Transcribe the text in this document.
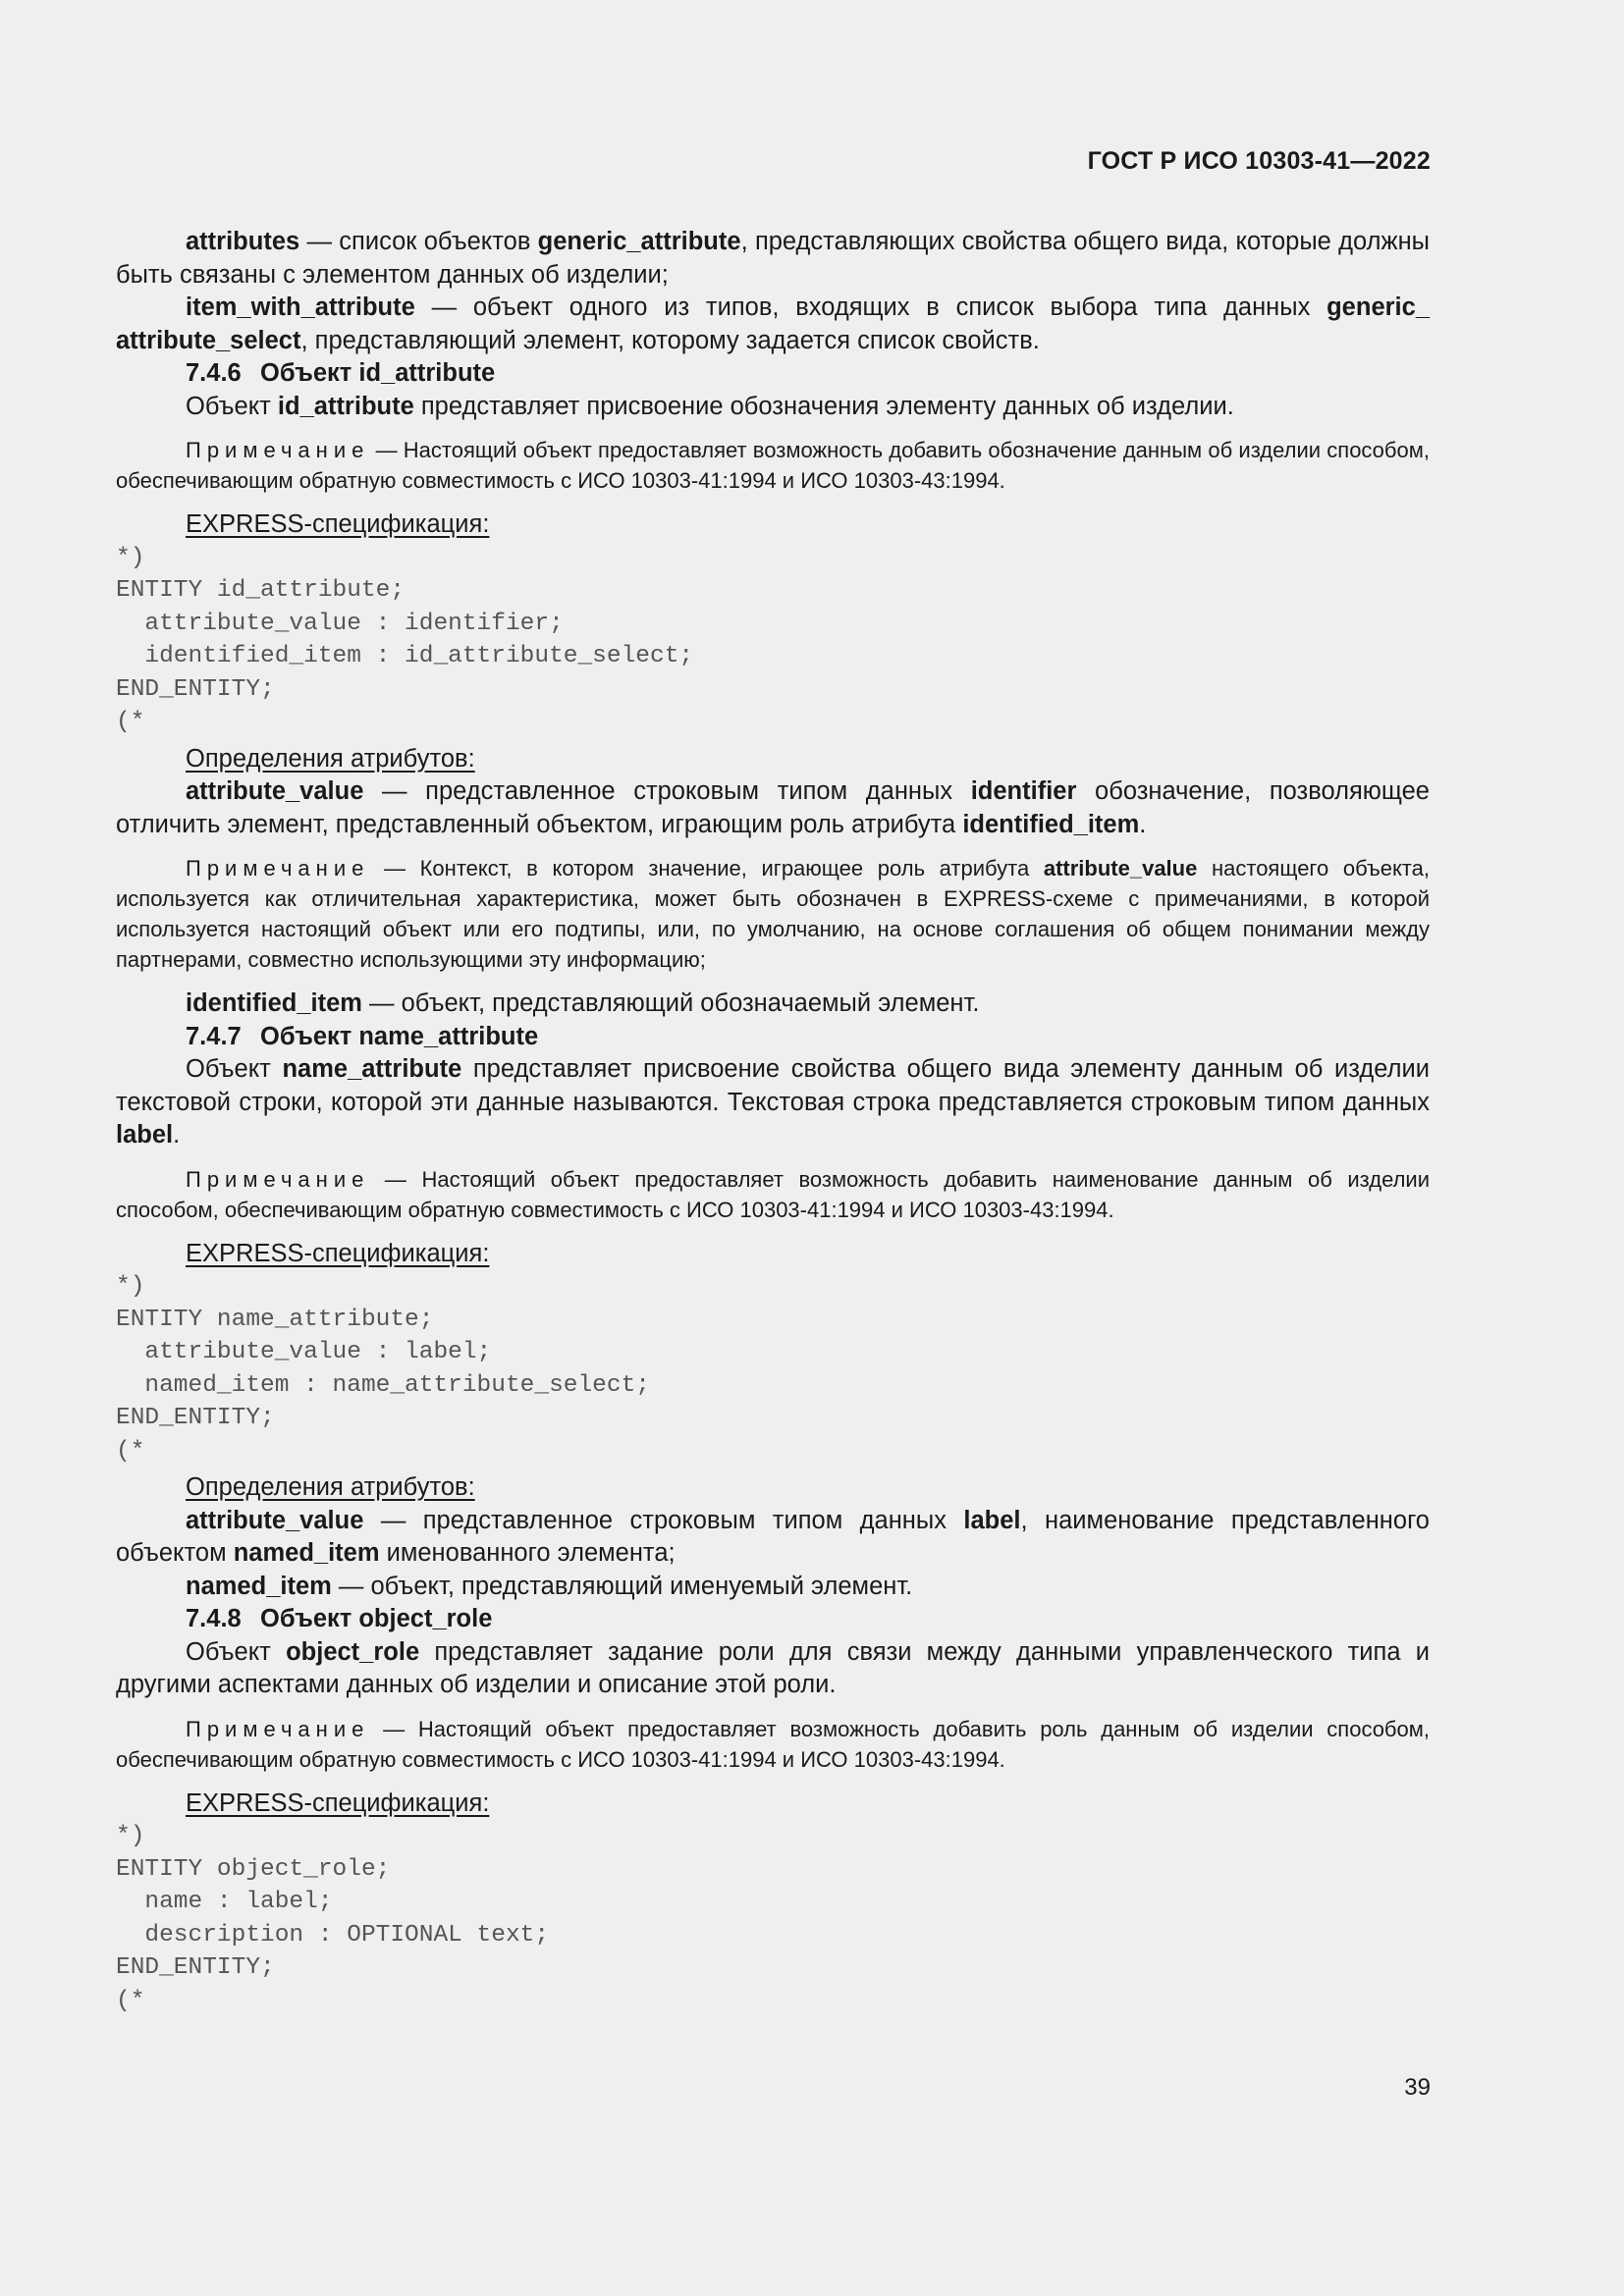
ГОСТ Р ИСО 10303-41—2022

attributes — список объектов generic_attribute, представляющих свойства общего вида, которые должны быть связаны с элементом данных об изделии;

item_with_attribute — объект одного из типов, входящих в список выбора типа данных generic_ attribute_select, представляющий элемент, которому задается список свойств.

7.4.6 Объект id_attribute

Объект id_attribute представляет присвоение обозначения элементу данных об изделии.

Примечание — Настоящий объект предоставляет возможность добавить обозначение данным об изделии способом, обеспечивающим обратную совместимость с ИСО 10303-41:1994 и ИСО 10303-43:1994.

EXPRESS-спецификация:

*)
ENTITY id_attribute;
attribute_value : identifier;
identified_item : id_attribute_select;
END_ENTITY;
(*

Определения атрибутов:

attribute_value — представленное строковым типом данных identifier обозначение, позволяющее отличить элемент, представленный объектом, играющим роль атрибута identified_item.

Примечание — Контекст, в котором значение, играющее роль атрибута attribute_value настоящего объекта, используется как отличительная характеристика, может быть обозначен в EXPRESS-схеме с примечаниями, в которой используется настоящий объект или его подтипы, или, по умолчанию, на основе соглашения об общем понимании между партнерами, совместно использующими эту информацию;

identified_item — объект, представляющий обозначаемый элемент.

7.4.7 Объект name_attribute

Объект name_attribute представляет присвоение свойства общего вида элементу данным об изделии текстовой строки, которой эти данные называются. Текстовая строка представляется строковым типом данных label.

Примечание — Настоящий объект предоставляет возможность добавить наименование данным об изделии способом, обеспечивающим обратную совместимость с ИСО 10303-41:1994 и ИСО 10303-43:1994.

EXPRESS-спецификация:

*)
ENTITY name_attribute;
attribute_value : label;
named_item : name_attribute_select;
END_ENTITY;
(*

Определения атрибутов:

attribute_value — представленное строковым типом данных label, наименование представленного объектом named_item именованного элемента;

named_item — объект, представляющий именуемый элемент.

7.4.8 Объект object_role

Объект object_role представляет задание роли для связи между данными управленческого типа и другими аспектами данных об изделии и описание этой роли.

Примечание — Настоящий объект предоставляет возможность добавить роль данным об изделии способом, обеспечивающим обратную совместимость с ИСО 10303-41:1994 и ИСО 10303-43:1994.

EXPRESS-спецификация:

*)
ENTITY object_role;
name : label;
description : OPTIONAL text;
END_ENTITY;
(*
39
